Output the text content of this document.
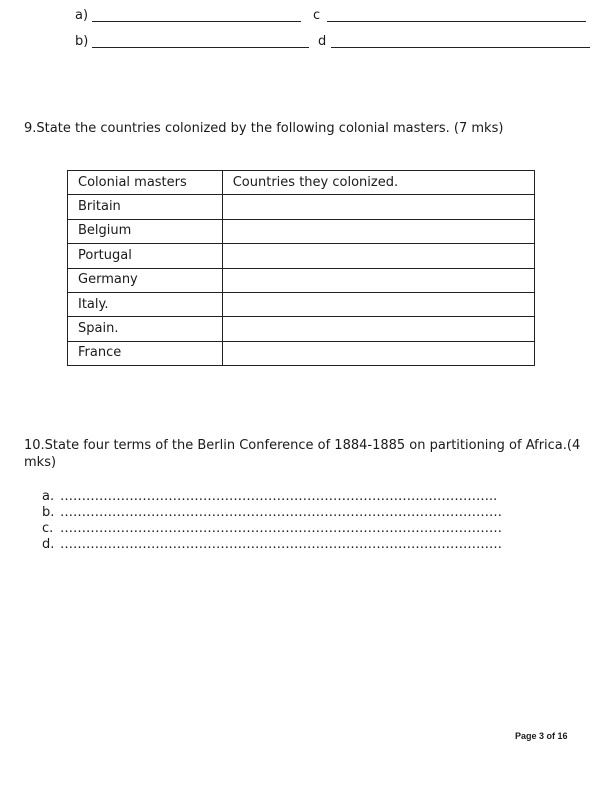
a)	c
b)	d
9.State the countries colonized by the following colonial masters. (7 mks)
Colonial masters	Countries they colonized.
Britain	
Belgium	
Portugal	
Germany	
Italy.	
Spain.	
France	
10.State four terms of the Berlin Conference of 1884-1885 on partitioning of Africa.(4 mks)
a. ………………………………………………………………………………………..
b. …………………………………………………………………………………………
c. …………………………………………………………………………………………
d. …………………………………………………………………………………………
Page 3 of 16
